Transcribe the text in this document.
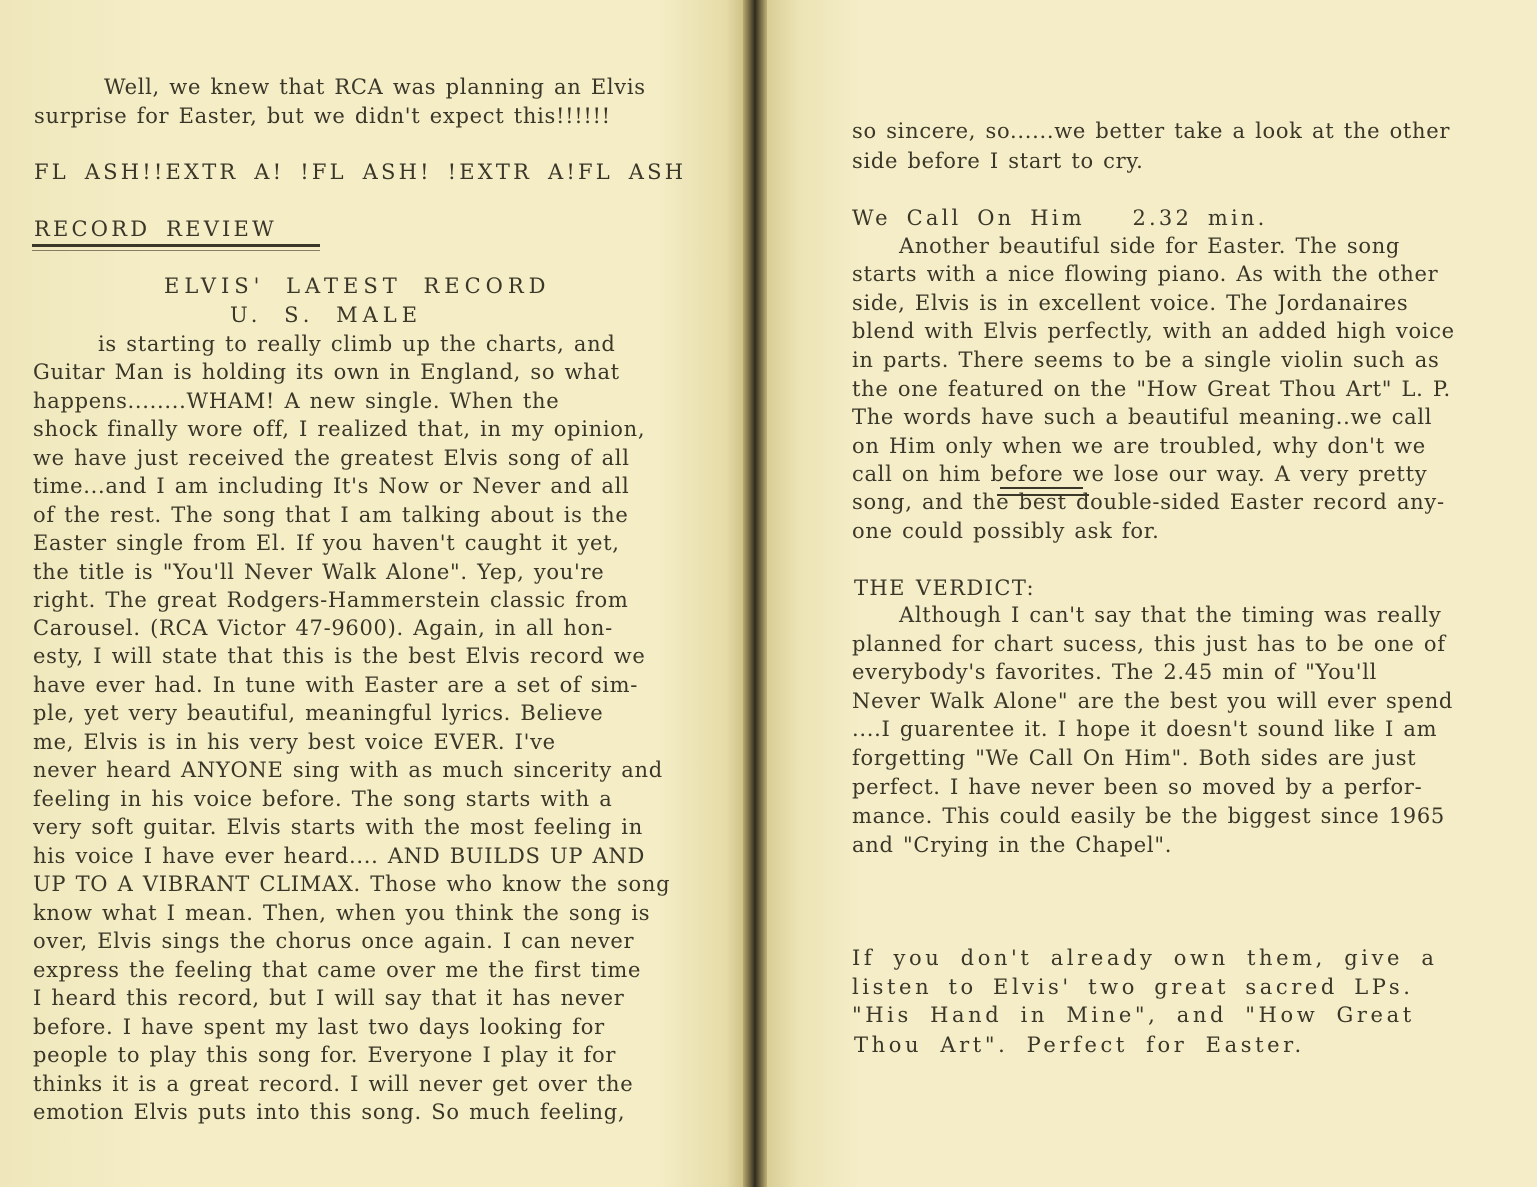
Well, we knew that RCA was planning an Elvis
surprise for Easter, but we didn't expect this!!!!!!
FL ASH!!EXTR A! !FL ASH! !EXTR A!FL ASH
RECORD REVIEW
ELVIS' LATEST RECORD
U. S. MALE
is starting to really climb up the charts, and
Guitar Man is holding its own in England, so what
happens........WHAM! A new single. When the
shock finally wore off, I realized that, in my opinion,
we have just received the greatest Elvis song of all
time...and I am including It's Now or Never and all
of the rest. The song that I am talking about is the
Easter single from El. If you haven't caught it yet,
the title is "You'll Never Walk Alone". Yep, you're
right. The great Rodgers-Hammerstein classic from
Carousel. (RCA Victor 47-9600). Again, in all hon-
esty, I will state that this is the best Elvis record we
have ever had. In tune with Easter are a set of sim-
ple, yet very beautiful, meaningful lyrics. Believe
me, Elvis is in his very best voice EVER. I've
never heard ANYONE sing with as much sincerity and
feeling in his voice before. The song starts with a
very soft guitar. Elvis starts with the most feeling in
his voice I have ever heard.... AND BUILDS UP AND
UP TO A VIBRANT CLIMAX. Those who know the song
know what I mean. Then, when you think the song is
over, Elvis sings the chorus once again. I can never
express the feeling that came over me the first time
I heard this record, but I will say that it has never
before. I have spent my last two days looking for
people to play this song for. Everyone I play it for
thinks it is a great record. I will never get over the
emotion Elvis puts into this song. So much feeling,
so sincere, so......we better take a look at the other
side before I start to cry.
We Call On Him   2.32 min.
Another beautiful side for Easter. The song
starts with a nice flowing piano. As with the other
side, Elvis is in excellent voice. The Jordanaires
blend with Elvis perfectly, with an added high voice
in parts. There seems to be a single violin such as
the one featured on the "How Great Thou Art" L. P.
The words have such a beautiful meaning..we call
on Him only when we are troubled, why don't we
call on him before we lose our way. A very pretty
song, and the best double-sided Easter record any-
one could possibly ask for.
THE VERDICT:
Although I can't say that the timing was really
planned for chart sucess, this just has to be one of
everybody's favorites. The 2.45 min of "You'll
Never Walk Alone" are the best you will ever spend
....I guarentee it. I hope it doesn't sound like I am
forgetting "We Call On Him". Both sides are just
perfect. I have never been so moved by a perfor-
mance. This could easily be the biggest since 1965
and "Crying in the Chapel".
If you don't already own them, give a
listen to Elvis' two great sacred LPs.
"His Hand in Mine", and "How Great
Thou Art". Perfect for Easter.
